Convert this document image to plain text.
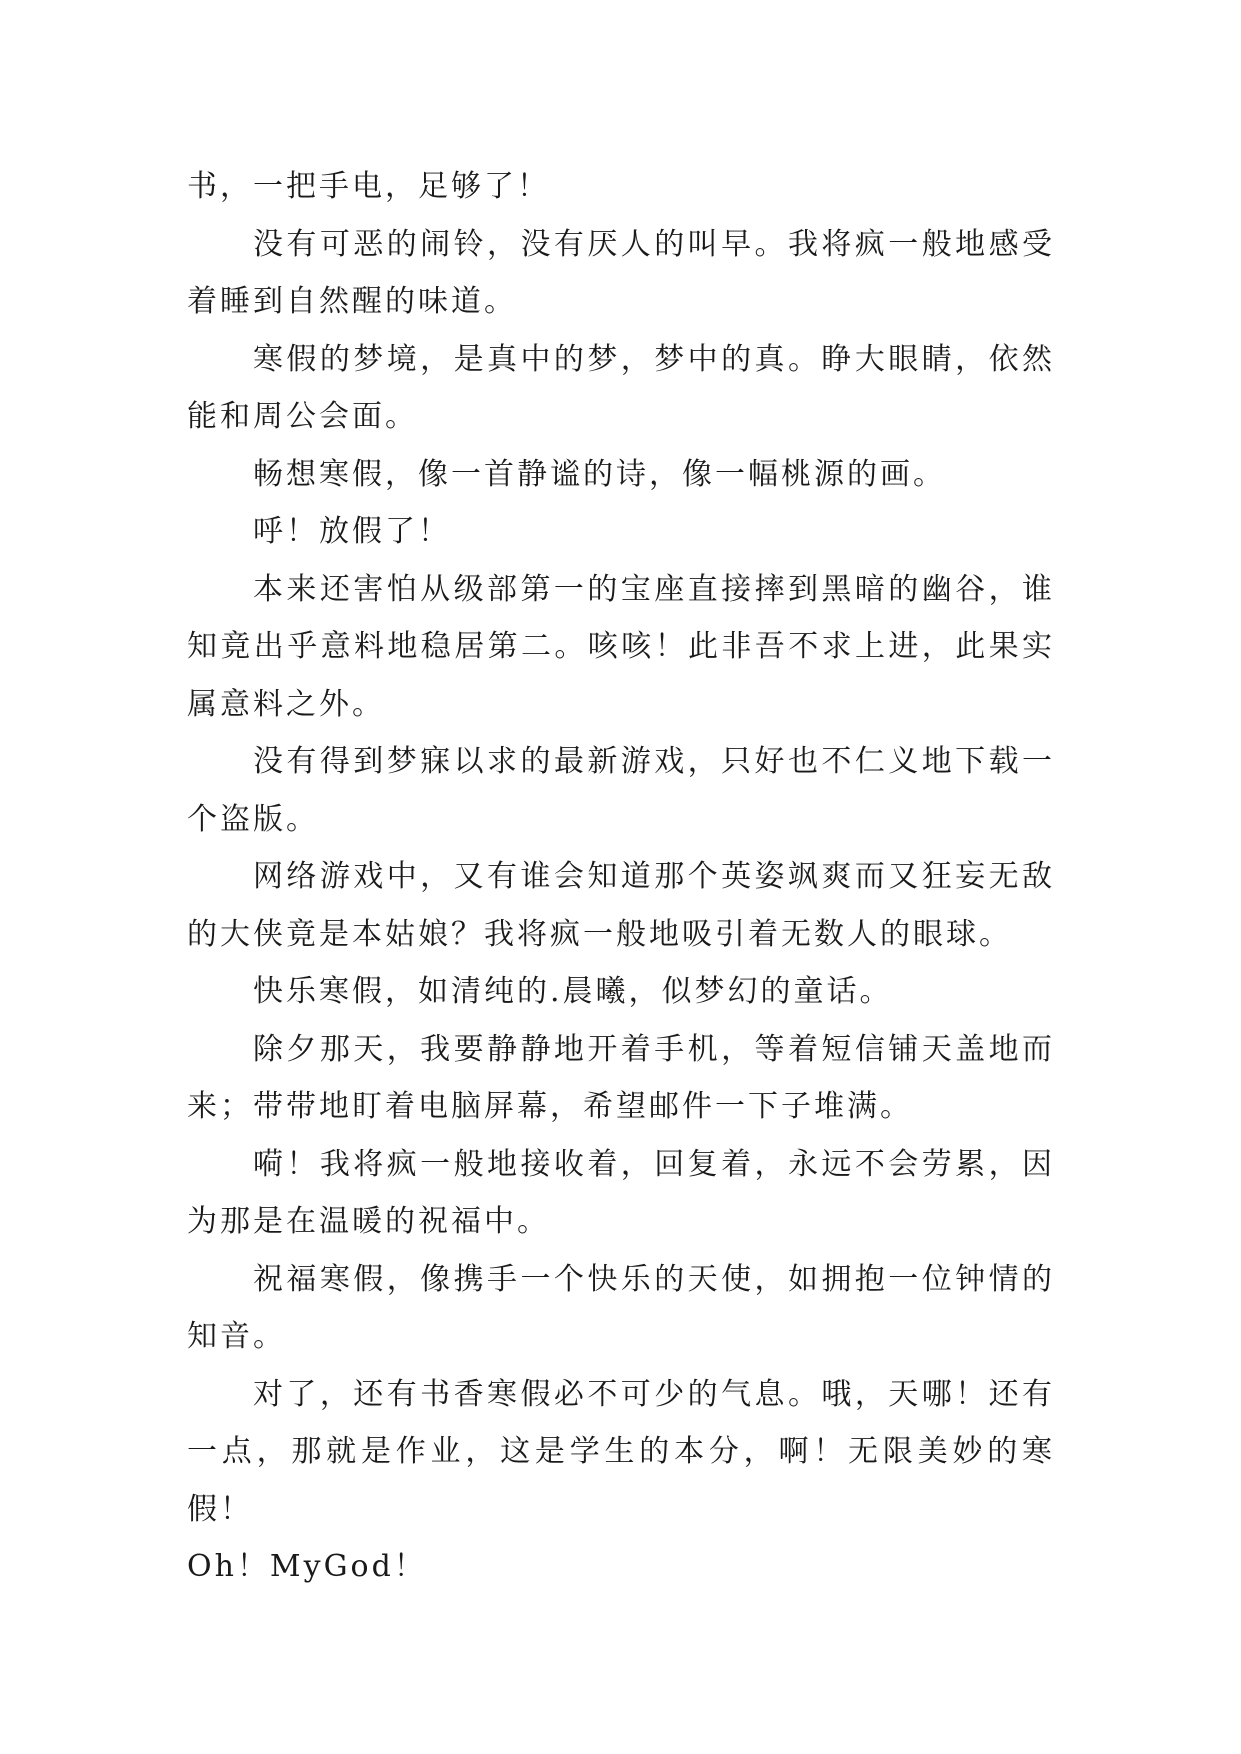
书，一把手电，足够了！

没有可恶的闹铃，没有厌人的叫早。我将疯一般地感受着睡到自然醒的味道。

寒假的梦境，是真中的梦，梦中的真。睁大眼睛，依然能和周公会面。

畅想寒假，像一首静谧的诗，像一幅桃源的画。

呼！放假了！

本来还害怕从级部第一的宝座直接摔到黑暗的幽谷，谁知竟出乎意料地稳居第二。咳咳！此非吾不求上进，此果实属意料之外。

没有得到梦寐以求的最新游戏，只好也不仁义地下载一个盗版。

网络游戏中，又有谁会知道那个英姿飒爽而又狂妄无敌的大侠竟是本姑娘？我将疯一般地吸引着无数人的眼球。

快乐寒假，如清纯的.晨曦，似梦幻的童话。

除夕那天，我要静静地开着手机，等着短信铺天盖地而来；带带地盯着电脑屏幕，希望邮件一下子堆满。

嗬！我将疯一般地接收着，回复着，永远不会劳累，因为那是在温暖的祝福中。

祝福寒假，像携手一个快乐的天使，如拥抱一位钟情的知音。

对了，还有书香寒假必不可少的气息。哦，天哪！还有一点，那就是作业，这是学生的本分，啊！无限美妙的寒假！

Oh！MyGod！
